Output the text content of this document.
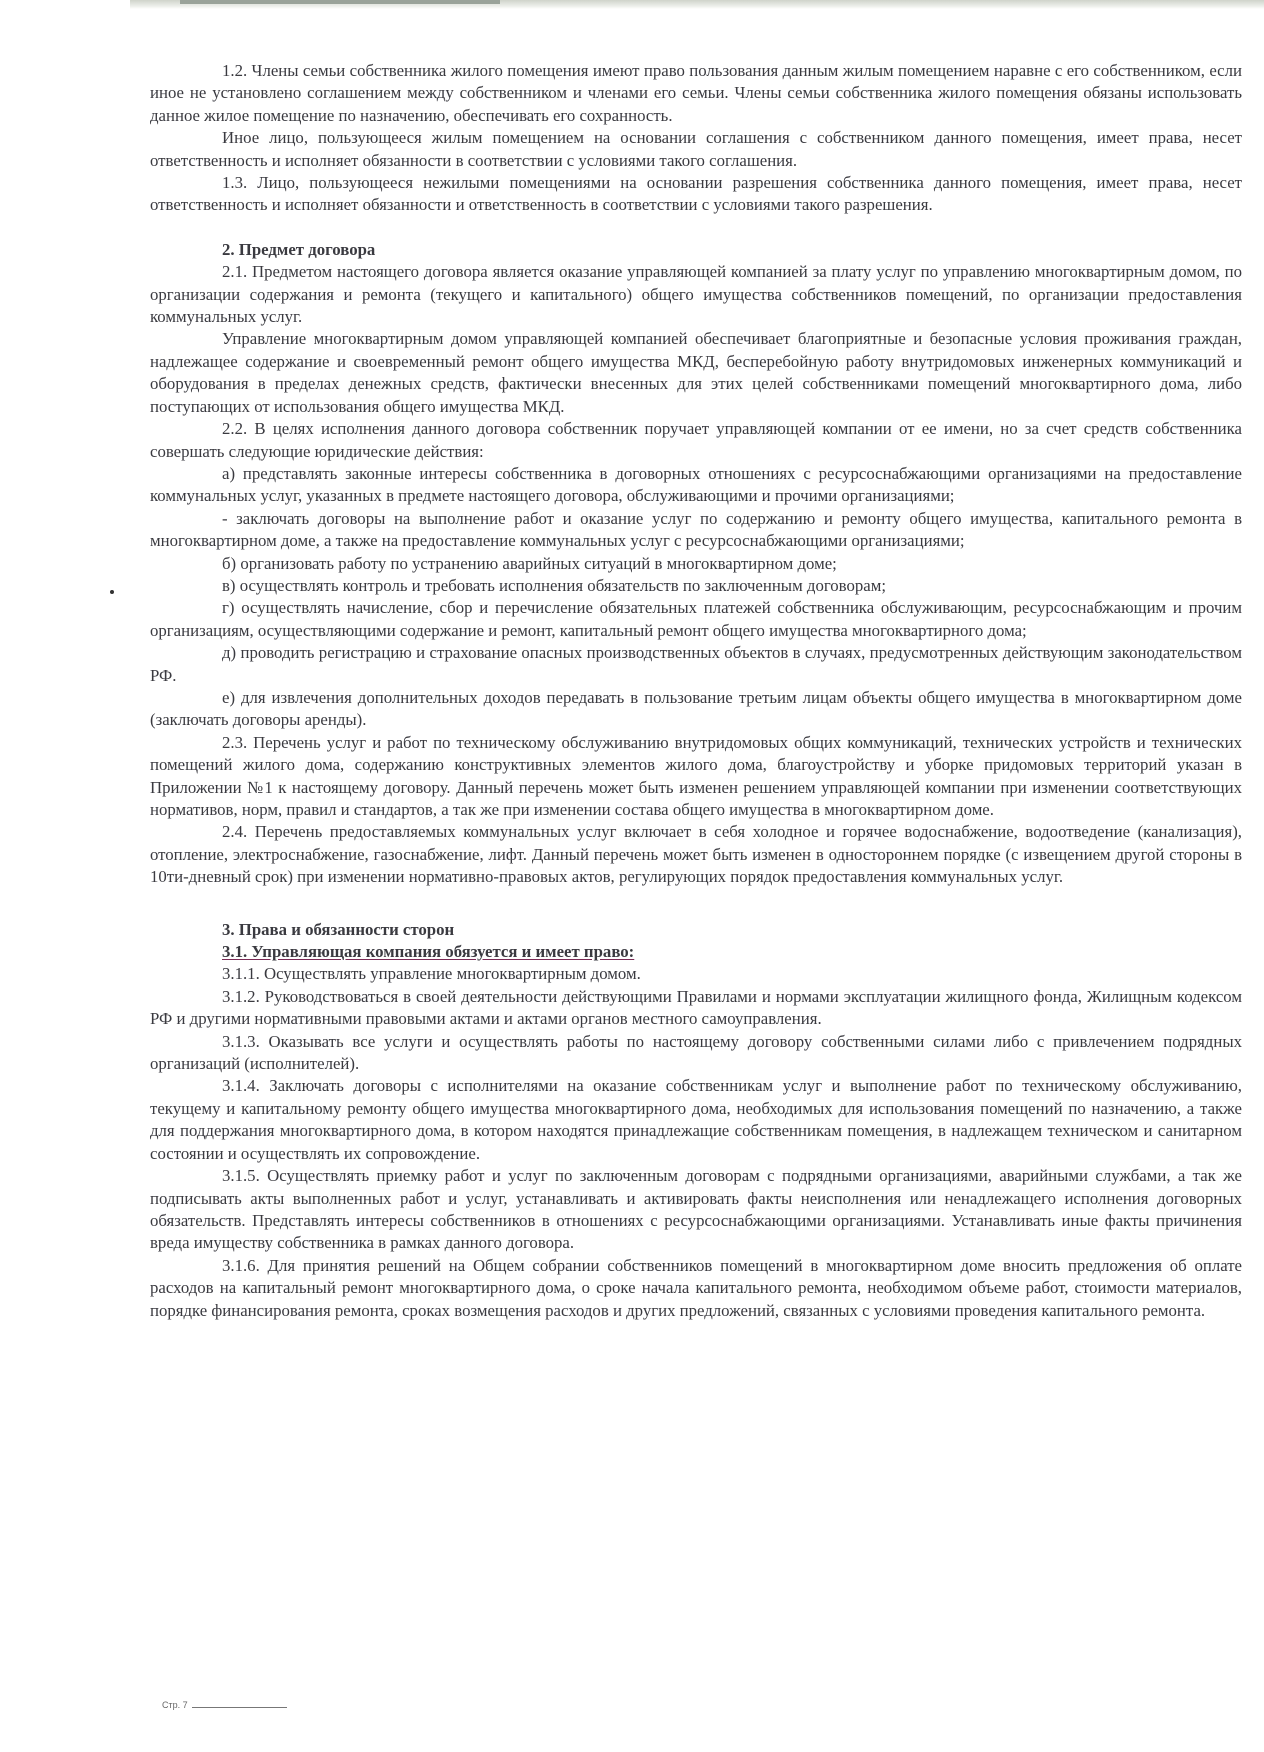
1.2. Члены семьи собственника жилого помещения имеют право пользования данным жилым помещением наравне с его собственником, если иное не установлено соглашением между собственником и членами его семьи. Члены семьи собственника жилого помещения обязаны использовать данное жилое помещение по назначению, обеспечивать его сохранность.

Иное лицо, пользующееся жилым помещением на основании соглашения с собственником данного помещения, имеет права, несет ответственность и исполняет обязанности в соответствии с условиями такого соглашения.

1.3. Лицо, пользующееся нежилыми помещениями на основании разрешения собственника данного помещения, имеет права, несет ответственность и исполняет обязанности и ответственность в соответствии с условиями такого разрешения.

2. Предмет договора

2.1. Предметом настоящего договора является оказание управляющей компанией за плату услуг по управлению многоквартирным домом, по организации содержания и ремонта (текущего и капитального) общего имущества собственников помещений, по организации предоставления коммунальных услуг.

Управление многоквартирным домом управляющей компанией обеспечивает благоприятные и безопасные условия проживания граждан, надлежащее содержание и своевременный ремонт общего имущества МКД, бесперебойную работу внутридомовых инженерных коммуникаций и оборудования в пределах денежных средств, фактически внесенных для этих целей собственниками помещений многоквартирного дома, либо поступающих от использования общего имущества МКД.

2.2. В целях исполнения данного договора собственник поручает управляющей компании от ее имени, но за счет средств собственника совершать следующие юридические действия:

а) представлять законные интересы собственника в договорных отношениях с ресурсоснабжающими организациями на предоставление коммунальных услуг, указанных в предмете настоящего договора, обслуживающими и прочими организациями;

- заключать договоры на выполнение работ и оказание услуг по содержанию и ремонту общего имущества, капитального ремонта в многоквартирном доме, а также на предоставление коммунальных услуг с ресурсоснабжающими организациями;

б) организовать работу по устранению аварийных ситуаций в многоквартирном доме;

в) осуществлять контроль и требовать исполнения обязательств по заключенным договорам;

г) осуществлять начисление, сбор и перечисление обязательных платежей собственника обслуживающим, ресурсоснабжающим и прочим организациям, осуществляющими содержание и ремонт, капитальный ремонт общего имущества многоквартирного дома;

д) проводить регистрацию и страхование опасных производственных объектов в случаях, предусмотренных действующим законодательством РФ.

е) для извлечения дополнительных доходов передавать в пользование третьим лицам объекты общего имущества в многоквартирном доме (заключать договоры аренды).

2.3. Перечень услуг и работ по техническому обслуживанию внутридомовых общих коммуникаций, технических устройств и технических помещений жилого дома, содержанию конструктивных элементов жилого дома, благоустройству и уборке придомовых территорий указан в Приложении №1 к настоящему договору. Данный перечень может быть изменен решением управляющей компании при изменении соответствующих нормативов, норм, правил и стандартов, а так же при изменении состава общего имущества в многоквартирном доме.

2.4. Перечень предоставляемых коммунальных услуг включает в себя холодное и горячее водоснабжение, водоотведение (канализация), отопление, электроснабжение, газоснабжение, лифт. Данный перечень может быть изменен в одностороннем порядке (с извещением другой стороны в 10ти-дневный срок) при изменении нормативно-правовых актов, регулирующих порядок предоставления коммунальных услуг.

3. Права и обязанности сторон
3.1. Управляющая компания обязуется и имеет право:

3.1.1. Осуществлять управление многоквартирным домом.

3.1.2. Руководствоваться в своей деятельности действующими Правилами и нормами эксплуатации жилищного фонда, Жилищным кодексом РФ и другими нормативными правовыми актами и актами органов местного самоуправления.

3.1.3. Оказывать все услуги и осуществлять работы по настоящему договору собственными силами либо с привлечением подрядных организаций (исполнителей).

3.1.4. Заключать договоры с исполнителями на оказание собственникам услуг и выполнение работ по техническому обслуживанию, текущему и капитальному ремонту общего имущества многоквартирного дома, необходимых для использования помещений по назначению, а также для поддержания многоквартирного дома, в котором находятся принадлежащие собственникам помещения, в надлежащем техническом и санитарном состоянии и осуществлять их сопровождение.

3.1.5. Осуществлять приемку работ и услуг по заключенным договорам с подрядными организациями, аварийными службами, а так же подписывать акты выполненных работ и услуг, устанавливать и активировать факты неисполнения или ненадлежащего исполнения договорных обязательств. Представлять интересы собственников в отношениях с ресурсоснабжающими организациями. Устанавливать иные факты причинения вреда имуществу собственника в рамках данного договора.

3.1.6. Для принятия решений на Общем собрании собственников помещений в многоквартирном доме вносить предложения об оплате расходов на капитальный ремонт многоквартирного дома, о сроке начала капитального ремонта, необходимом объеме работ, стоимости материалов, порядке финансирования ремонта, сроках возмещения расходов и других предложений, связанных с условиями проведения капитального ремонта.

Стр. 7
